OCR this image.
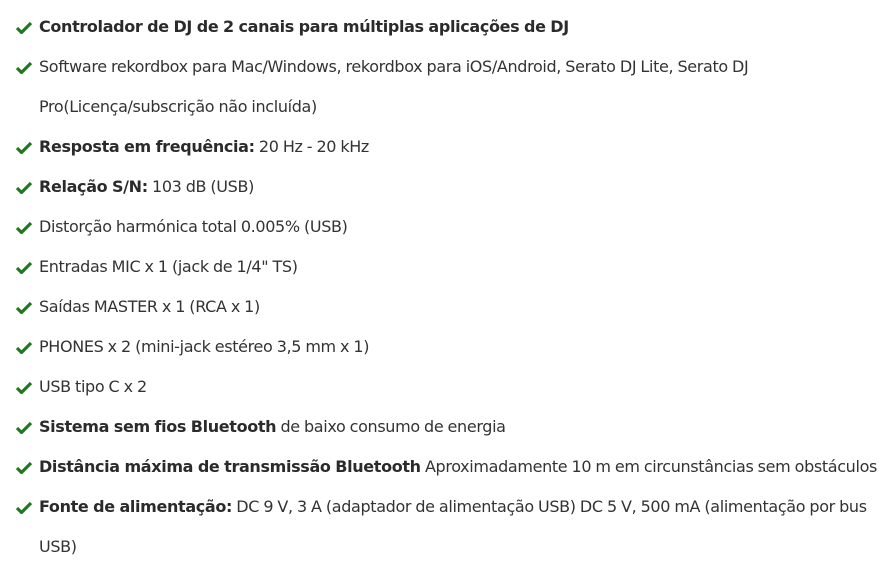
Controlador de DJ de 2 canais para múltiplas aplicações de DJ
Software rekordbox para Mac/Windows, rekordbox para iOS/Android, Serato DJ Lite, Serato DJ Pro(Licença/subscrição não incluída)
Resposta em frequência: 20 Hz - 20 kHz
Relação S/N: 103 dB (USB)
Distorção harmónica total 0.005% (USB)
Entradas MIC x 1 (jack de 1/4" TS)
Saídas MASTER x 1 (RCA x 1)
PHONES x 2 (mini-jack estéreo 3,5 mm x 1)
USB tipo C x 2
Sistema sem fios Bluetooth de baixo consumo de energia
Distância máxima de transmissão Bluetooth Aproximadamente 10 m em circunstâncias sem obstáculos
Fonte de alimentação: DC 9 V, 3 A (adaptador de alimentação USB) DC 5 V, 500 mA (alimentação por bus USB)
